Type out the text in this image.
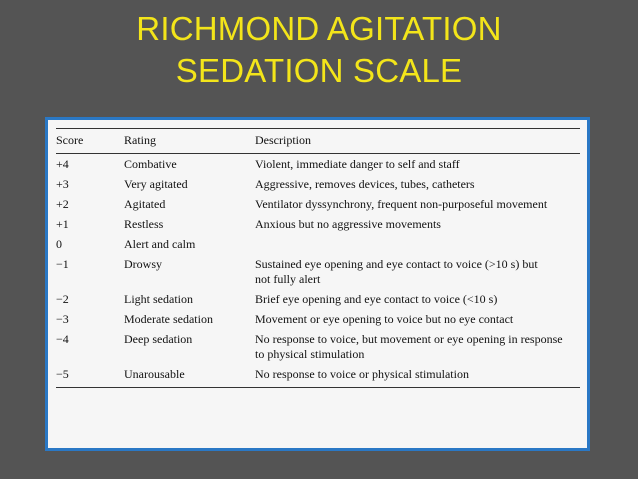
RICHMOND AGITATION
SEDATION SCALE
Score	Rating	Description
+4	Combative	Violent, immediate danger to self and staff

+3	Very agitated	Aggressive, removes devices, tubes, catheters

+2	Agitated	Ventilator dyssynchrony, frequent non-purposeful movement

+1	Restless	Anxious but no aggressive movements

0	Alert and calm	

−1	Drowsy	Sustained eye opening and eye contact to voice (>10 s) but
not fully alert

−2	Light sedation	Brief eye opening and eye contact to voice (<10 s)

−3	Moderate sedation	Movement or eye opening to voice but no eye contact

−4	Deep sedation	No response to voice, but movement or eye opening in response
to physical stimulation

−5	Unarousable	No response to voice or physical stimulation
